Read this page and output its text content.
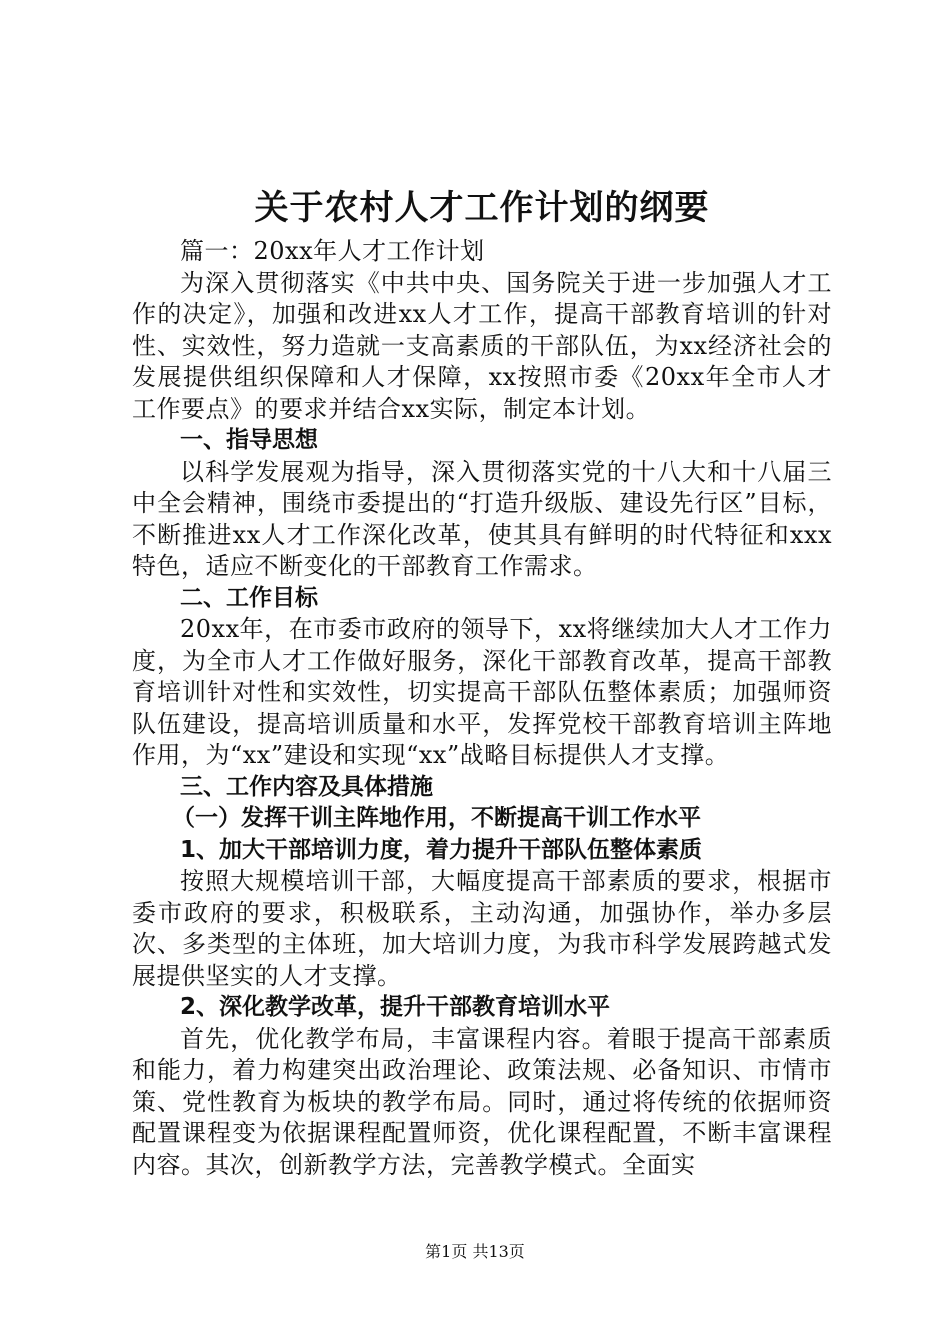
关于农村人才工作计划的纲要

篇一：20xx年人才工作计划

为深入贯彻落实《中共中央、国务院关于进一步加强人才工作的决定》，加强和改进xx人才工作，提高干部教育培训的针对性、实效性，努力造就一支高素质的干部队伍，为xx经济社会的发展提供组织保障和人才保障，xx按照市委《20xx年全市人才工作要点》的要求并结合xx实际，制定本计划。

一、指导思想

以科学发展观为指导，深入贯彻落实党的十八大和十八届三中全会精神，围绕市委提出的“打造升级版、建设先行区”目标，不断推进xx人才工作深化改革，使其具有鲜明的时代特征和xxx特色，适应不断变化的干部教育工作需求。

二、工作目标

20xx年，在市委市政府的领导下，xx将继续加大人才工作力度，为全市人才工作做好服务，深化干部教育改革，提高干部教育培训针对性和实效性，切实提高干部队伍整体素质；加强师资队伍建设，提高培训质量和水平，发挥党校干部教育培训主阵地作用，为“xx”建设和实现“xx”战略目标提供人才支撑。

三、工作内容及具体措施

（一）发挥干训主阵地作用，不断提高干训工作水平

1、加大干部培训力度，着力提升干部队伍整体素质

按照大规模培训干部，大幅度提高干部素质的要求，根据市委市政府的要求，积极联系，主动沟通，加强协作，举办多层次、多类型的主体班，加大培训力度，为我市科学发展跨越式发展提供坚实的人才支撑。

2、深化教学改革，提升干部教育培训水平

首先，优化教学布局，丰富课程内容。着眼于提高干部素质和能力，着力构建突出政治理论、政策法规、必备知识、市情市策、党性教育为板块的教学布局。同时，通过将传统的依据师资配置课程变为依据课程配置师资，优化课程配置，不断丰富课程内容。其次，创新教学方法，完善教学模式。全面实

第1页 共13页
